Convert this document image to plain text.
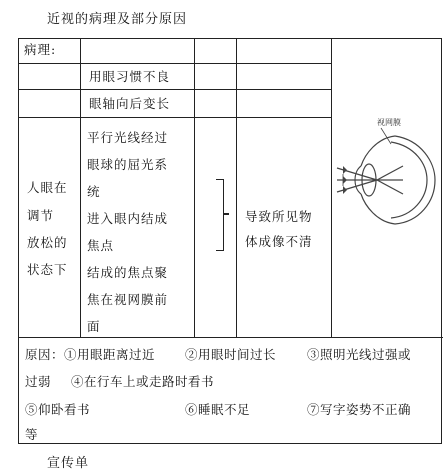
近视的病理及部分原因
病理:
用眼习惯不良
眼轴向后变长
人眼在
调节
放松的
状态下
平行光线经过
眼球的屈光系
统
进入眼内结成
焦点
结成的焦点聚
焦在视网膜前
面
导致所见物
体成像不清
视网膜
原因：①用眼距离过近 ②用眼时间过长 ③照明光线过强或
过弱 ④在行车上或走路时看书
⑤仰卧看书	⑥睡眠不足	⑦写字姿势不正确
等
宣传单
